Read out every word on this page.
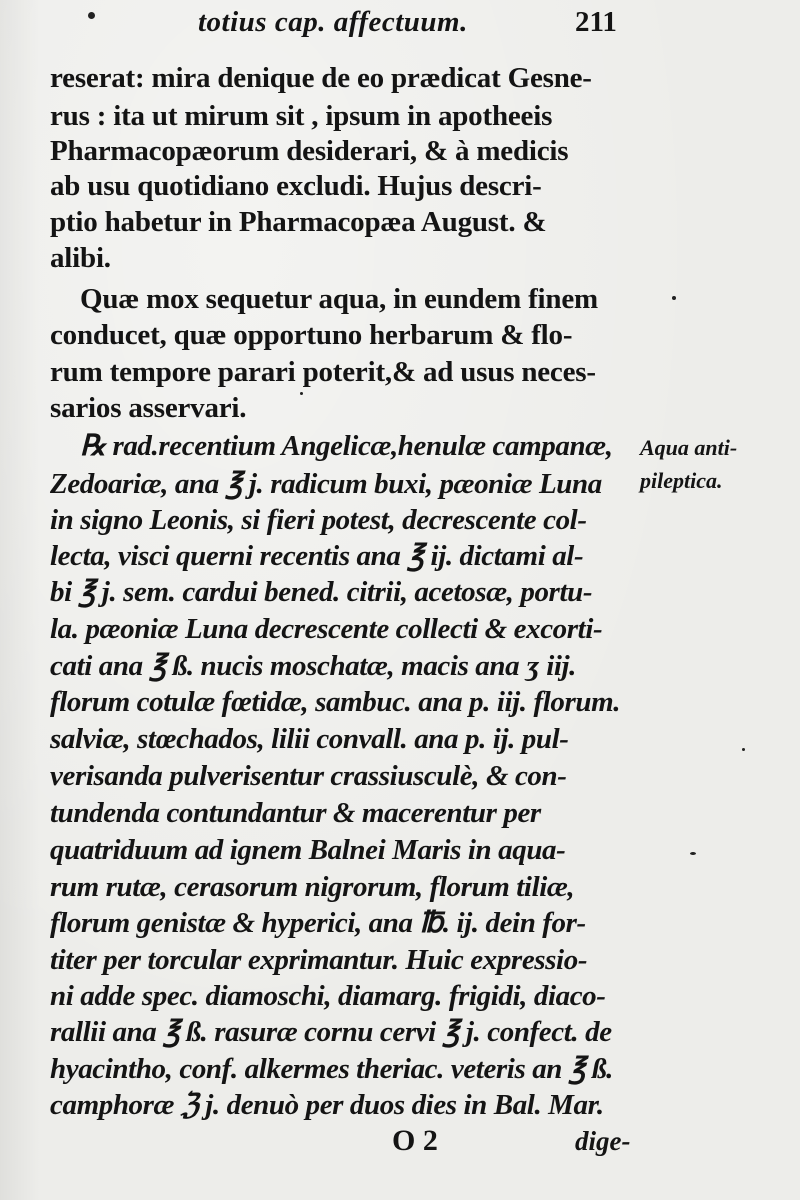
totius cap. affectuum.	211
reserat: mira denique de eo prædicat Gesne-
rus : ita ut mirum sit , ipsum in apotheeis
Pharmacopæorum desiderari, & à medicis
ab usu quotidiano excludi. Hujus descri-
ptio habetur in Pharmacopæa August. &
alibi.
Quæ mox sequetur aqua, in eundem finem
conducet, quæ opportuno herbarum & flo-
rum tempore parari poterit,& ad usus neces-
sarios asservari.
℞ rad.recentium Angelicæ,henulæ campanæ,
Zedoariæ, ana ℥ j. radicum buxi, pæoniæ Luna
in signo Leonis, si fieri potest, decrescente col-
lecta, visci querni recentis ana ℥ ij. dictami al-
bi ℥ j. sem. cardui bened. citrii, acetosæ, portu-
la. pæoniæ Luna decrescente collecti & excorti-
cati ana ℥ ß. nucis moschatæ, macis ana ʒ iij.
florum cotulæ fœtidæ, sambuc. ana p. iij. florum.
salviæ, stœchados, lilii convall. ana p. ij. pul-
verisanda pulverisentur crassiusculè, & con-
tundenda contundantur & macerentur per
quatriduum ad ignem Balnei Maris in aqua-
rum rutæ, cerasorum nigrorum, florum tiliæ,
florum genistæ & hyperici, ana ℔. ij. dein for-
titer per torcular exprimantur. Huic expressio-
ni adde spec. diamoschi, diamarg. frigidi, diaco-
rallii ana ℥ ß. rasuræ cornu cervi ℥ j. confect. de
hyacintho, conf. alkermes theriac. veteris an ℥ ß.
camphoræ ℨ j. denuò per duos dies in Bal. Mar.
Aqua anti-
pileptica.
O 2	dige-
